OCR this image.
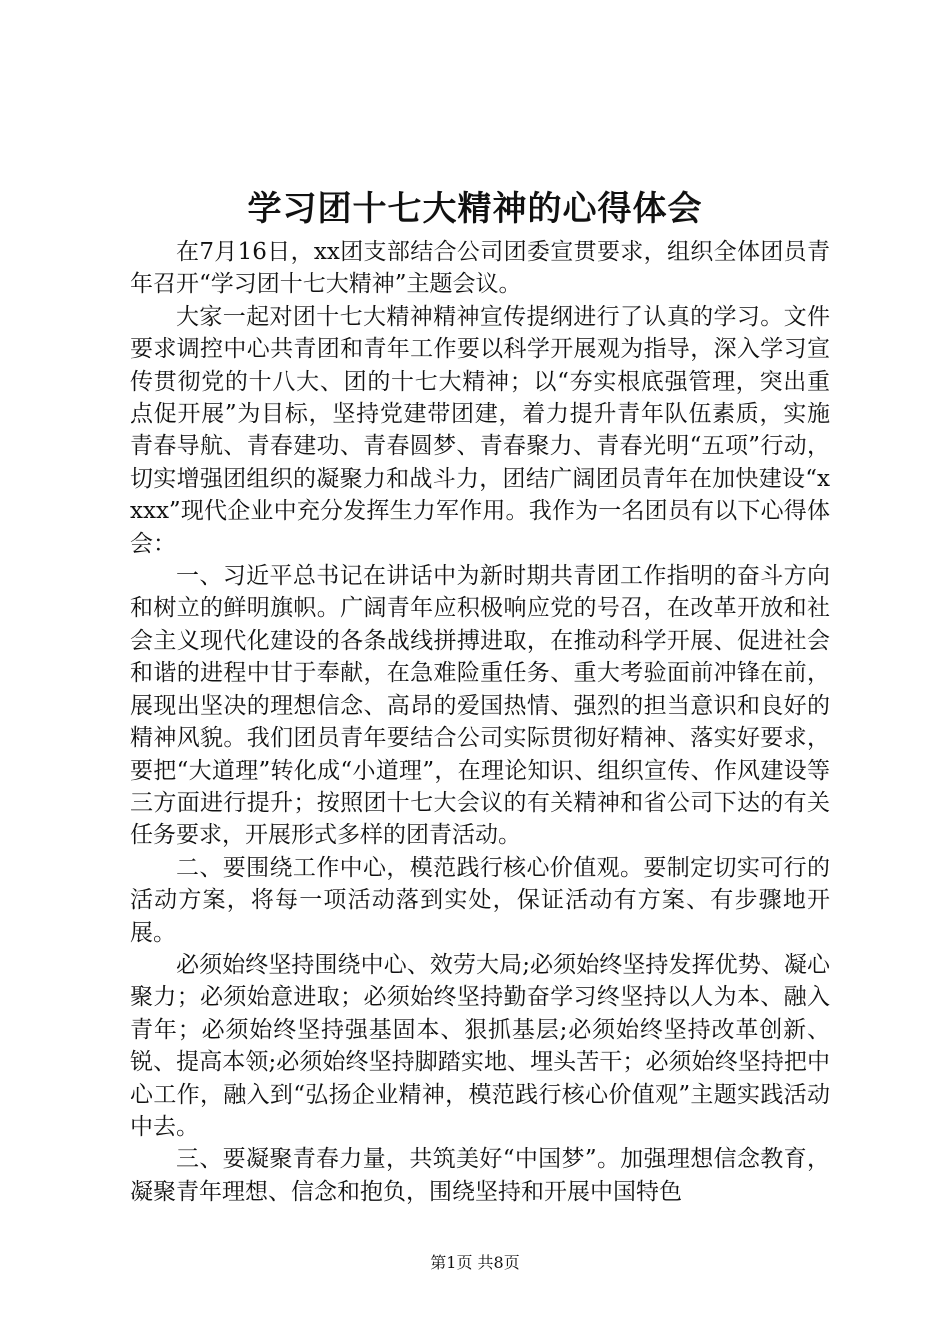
学习团十七大精神的心得体会

在7月16日，xx团支部结合公司团委宣贯要求，组织全体团员青年召开“学习团十七大精神”主题会议。

大家一起对团十七大精神精神宣传提纲进行了认真的学习。文件要求调控中心共青团和青年工作要以科学开展观为指导，深入学习宣传贯彻党的十八大、团的十七大精神；以“夯实根底强管理，突出重点促开展”为目标，坚持党建带团建，着力提升青年队伍素质，实施青春导航、青春建功、青春圆梦、青春聚力、青春光明“五项”行动，切实增强团组织的凝聚力和战斗力，团结广阔团员青年在加快建设“xxxx”现代企业中充分发挥生力军作用。我作为一名团员有以下心得体会：

一、习近平总书记在讲话中为新时期共青团工作指明的奋斗方向和树立的鲜明旗帜。广阔青年应积极响应党的号召，在改革开放和社会主义现代化建设的各条战线拼搏进取，在推动科学开展、促进社会和谐的进程中甘于奉献，在急难险重任务、重大考验面前冲锋在前，展现出坚决的理想信念、高昂的爱国热情、强烈的担当意识和良好的精神风貌。我们团员青年要结合公司实际贯彻好精神、落实好要求，要把“大道理”转化成“小道理”，在理论知识、组织宣传、作风建设等三方面进行提升；按照团十七大会议的有关精神和省公司下达的有关任务要求，开展形式多样的团青活动。

二、要围绕工作中心，模范践行核心价值观。要制定切实可行的活动方案，将每一项活动落到实处，保证活动有方案、有步骤地开展。

必须始终坚持围绕中心、效劳大局;必须始终坚持发挥优势、凝心聚力；必须始意进取；必须始终坚持勤奋学习终坚持以人为本、融入青年；必须始终坚持强基固本、狠抓基层;必须始终坚持改革创新、锐、提高本领;必须始终坚持脚踏实地、埋头苦干；必须始终坚持把中心工作，融入到“弘扬企业精神，模范践行核心价值观”主题实践活动中去。

三、要凝聚青春力量，共筑美好“中国梦”。加强理想信念教育，凝聚青年理想、信念和抱负，围绕坚持和开展中国特色

第1页 共8页
